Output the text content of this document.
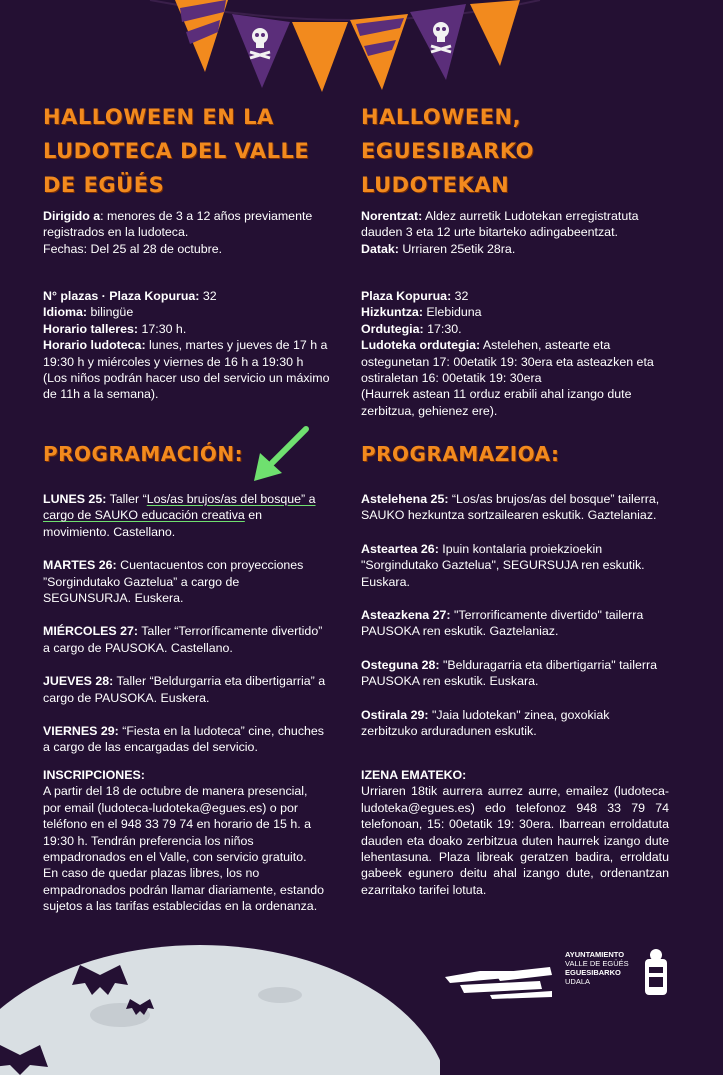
HALLOWEEN EN LA LUDOTECA DEL VALLE DE EGÜÉS

Dirigido a: menores de 3 a 12 años previamente registrados en la ludoteca.

Fechas: Del 25 al 28 de octubre.

N° plazas · Plaza Kopurua: 32

Idioma: bilingüe

Horario talleres: 17:30 h.

Horario ludoteca: lunes, martes y jueves de 17 h a 19:30 h y miércoles y viernes de 16 h a 19:30 h

(Los niños podrán hacer uso del servicio un máximo de 11h a la semana).

PROGRAMACIÓN:

LUNES 25: Taller “Los/as brujos/as del bosque” a cargo de SAUKO educación creativa en movimiento. Castellano.

MARTES 26: Cuentacuentos con proyecciones ”Sorgindutako Gaztelua” a cargo de SEGUNSURJA. Euskera.

MIÉRCOLES 27: Taller “Terroríficamente divertido” a cargo de PAUSOKA. Castellano.

JUEVES 28: Taller “Beldurgarria eta dibertigarria” a cargo de PAUSOKA. Euskera.

VIERNES 29: “Fiesta en la ludoteca” cine, chuches a cargo de las encargadas del servicio.

INSCRIPCIONES:

A partir del 18 de octubre de manera presencial, por email (ludoteca-ludoteka@egues.es) o por teléfono en el 948 33 79 74 en horario de 15 h. a 19:30 h. Tendrán preferencia los niños empadronados en el Valle, con servicio gratuito. En caso de quedar plazas libres, los no empadronados podrán llamar diariamente, estando sujetos a las tarifas establecidas en la ordenanza.

HALLOWEEN, EGUESIBARKO LUDOTEKAN

Norentzat: Aldez aurretik Ludotekan erregistratuta dauden 3 eta 12 urte bitarteko adingabeentzat.

Datak: Urriaren 25etik 28ra.

Plaza Kopurua: 32

Hizkuntza: Elebiduna

Ordutegia: 17:30.

Ludoteka ordutegia: Astelehen, astearte eta ostegunetan 17: 00etatik 19: 30era eta asteazken eta ostiraletan 16: 00etatik 19: 30era

(Haurrek astean 11 orduz erabili ahal izango dute zerbitzua, gehienez ere).

PROGRAMAZIOA:

Astelehena 25: “Los/as brujos/as del bosque” tailerra, SAUKO hezkuntza sortzailearen eskutik. Gaztelaniaz.

Asteartea 26: Ipuin kontalaria proiekzioekin "Sorgindutako Gaztelua", SEGURSUJA ren eskutik. Euskara.

Asteazkena 27: "Terrorificamente divertido" tailerra PAUSOKA ren eskutik. Gaztelaniaz.

Osteguna 28: "Belduragarria eta dibertigarria" tailerra PAUSOKA ren eskutik. Euskara.

Ostirala 29: "Jaia ludotekan" zinea, goxokiak zerbitzuko arduradunen eskutik.

IZENA EMATEKO:

Urriaren 18tik aurrera aurrez aurre, emailez (ludoteca-ludoteka@egues.es) edo telefonoz 948 33 79 74 telefonoan, 15: 00etatik 19: 30era. Ibarrean erroldatuta dauden eta doako zerbitzua duten haurrek izango dute lehentasuna. Plaza libreak geratzen badira, erroldatu gabeek egunero deitu ahal izango dute, ordenantzan ezarritako tarifei lotuta.

AYUNTAMIENTO
VALLE DE EGÜÉS
EGUESIBARKO
UDALA
